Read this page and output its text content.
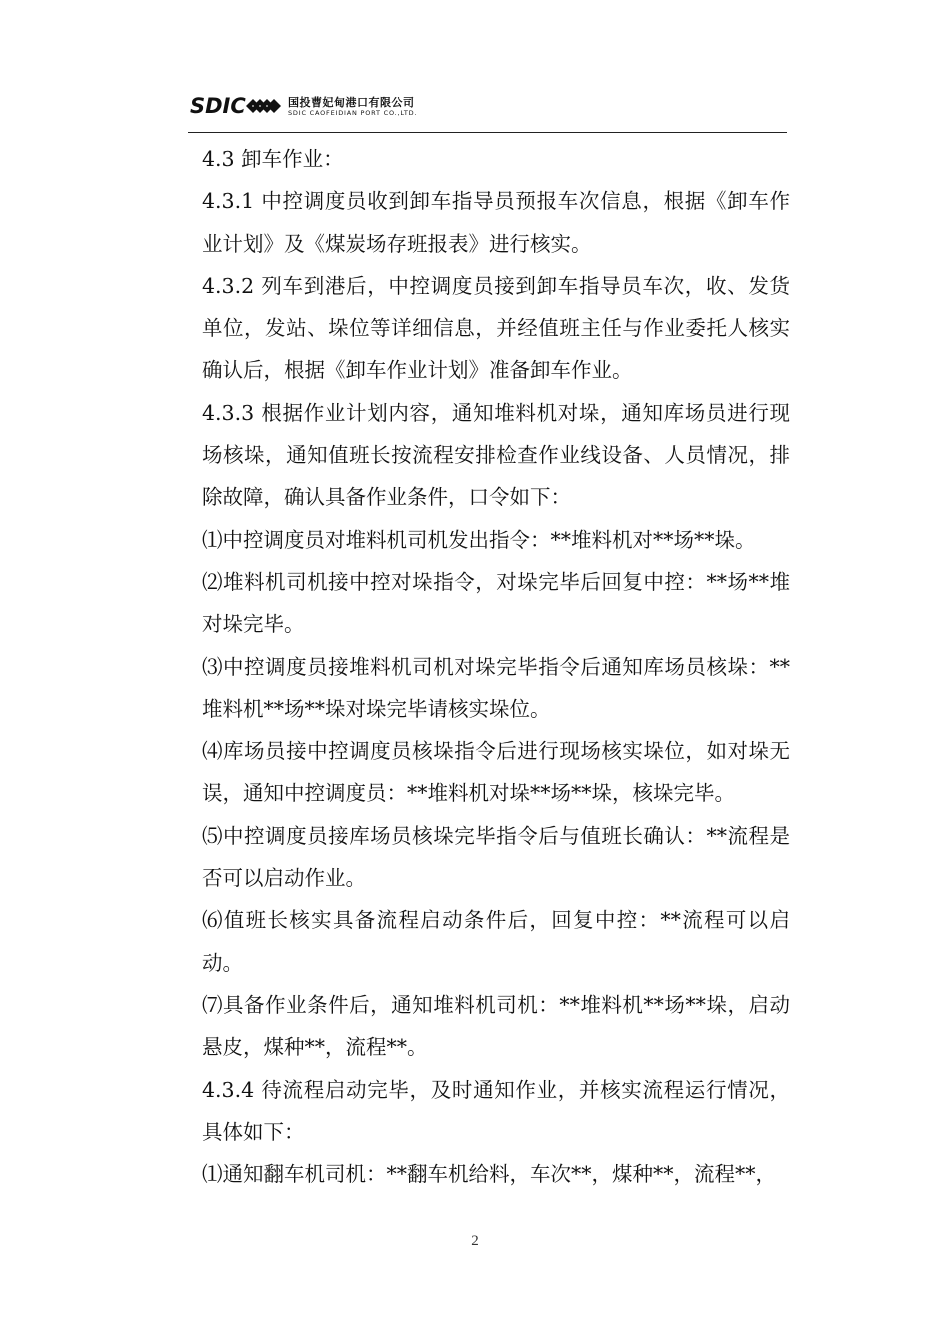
SDIC	国投曹妃甸港口有限公司
SDIC CAOFEIDIAN PORT CO.,LTD.

4.3 卸车作业：

4.3.1 中控调度员收到卸车指导员预报车次信息，根据《卸车作业计划》及《煤炭场存班报表》进行核实。

4.3.2 列车到港后，中控调度员接到卸车指导员车次，收、发货单位，发站、垛位等详细信息，并经值班主任与作业委托人核实确认后，根据《卸车作业计划》准备卸车作业。

4.3.3 根据作业计划内容，通知堆料机对垛，通知库场员进行现场核垛，通知值班长按流程安排检查作业线设备、人员情况，排除故障，确认具备作业条件，口令如下：

⑴中控调度员对堆料机司机发出指令：**堆料机对**场**垛。

⑵堆料机司机接中控对垛指令，对垛完毕后回复中控：**场**堆对垛完毕。

⑶中控调度员接堆料机司机对垛完毕指令后通知库场员核垛：**堆料机**场**垛对垛完毕请核实垛位。

⑷库场员接中控调度员核垛指令后进行现场核实垛位，如对垛无误，通知中控调度员：**堆料机对垛**场**垛，核垛完毕。

⑸中控调度员接库场员核垛完毕指令后与值班长确认：**流程是否可以启动作业。

⑹值班长核实具备流程启动条件后，回复中控：**流程可以启动。

⑺具备作业条件后，通知堆料机司机：**堆料机**场**垛，启动悬皮，煤种**，流程**。

4.3.4 待流程启动完毕，及时通知作业，并核实流程运行情况，具体如下：

⑴通知翻车机司机：**翻车机给料，车次**，煤种**，流程**，

2
